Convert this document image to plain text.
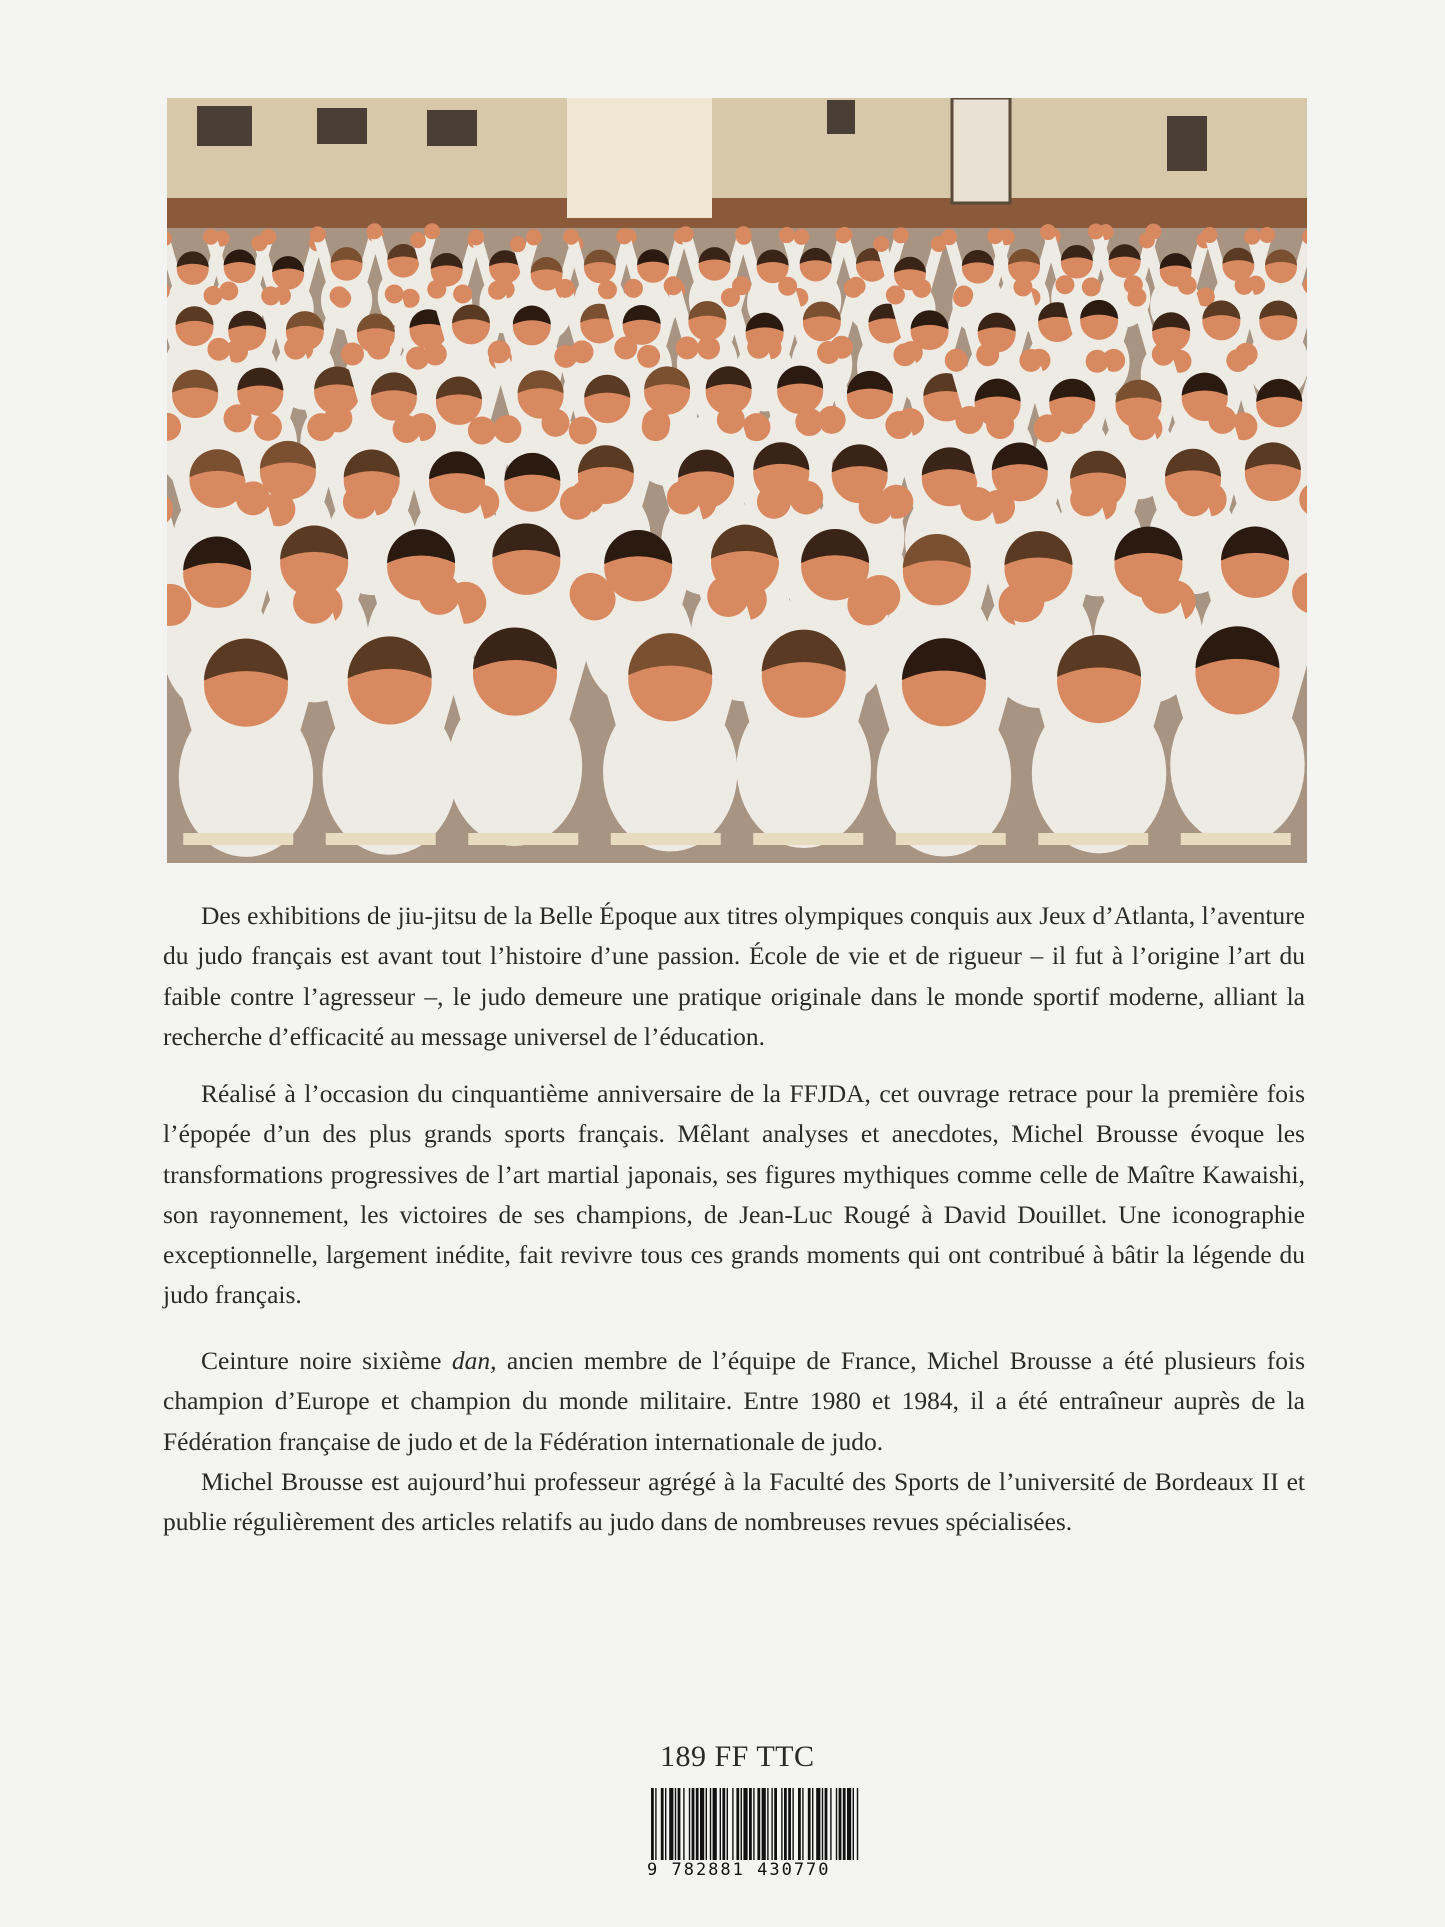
Des exhibitions de jiu-jitsu de la Belle Époque aux titres olympiques conquis aux Jeux d’Atlanta, l’aventure du judo français est avant tout l’histoire d’une passion. École de vie et de rigueur – il fut à l’origine l’art du faible contre l’agresseur –, le judo demeure une pratique originale dans le monde sportif moderne, alliant la recherche d’efficacité au message universel de l’éducation.

Réalisé à l’occasion du cinquantième anniversaire de la FFJDA, cet ouvrage retrace pour la première fois l’épopée d’un des plus grands sports français. Mêlant analyses et anecdotes, Michel Brousse évoque les transformations progressives de l’art martial japonais, ses figures mythiques comme celle de Maître Kawaishi, son rayonnement, les victoires de ses champions, de Jean-Luc Rougé à David Douillet. Une iconographie exceptionnelle, largement inédite, fait revivre tous ces grands moments qui ont contribué à bâtir la légende du judo français.

Ceinture noire sixième dan, ancien membre de l’équipe de France, Michel Brousse a été plusieurs fois champion d’Europe et champion du monde militaire. Entre 1980 et 1984, il a été entraîneur auprès de la Fédération française de judo et de la Fédération internationale de judo.

Michel Brousse est aujourd’hui professeur agrégé à la Faculté des Sports de l’université de Bordeaux II et publie régulièrement des articles relatifs au judo dans de nombreuses revues spécialisées.

189 FF TTC
9 782881 430770
